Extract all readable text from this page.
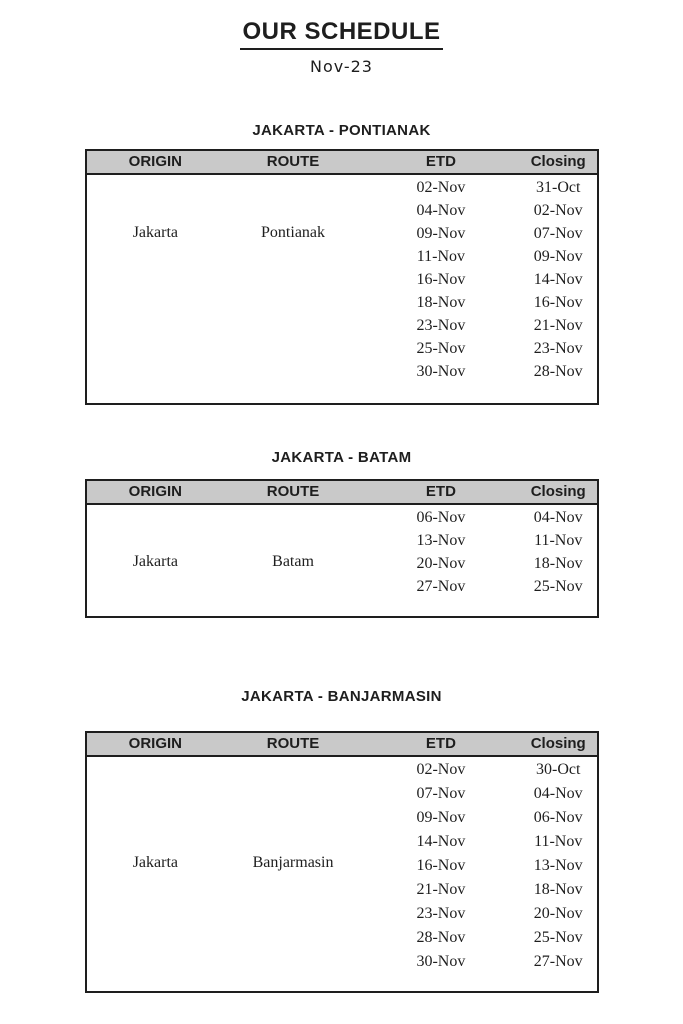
OUR SCHEDULE
Nov-23
JAKARTA - PONTIANAK
ORIGIN	ROUTE	ETD	Closing
Jakarta	Pontianak
02-Nov	31-Oct
04-Nov	02-Nov
09-Nov	07-Nov
11-Nov	09-Nov
16-Nov	14-Nov
18-Nov	16-Nov
23-Nov	21-Nov
25-Nov	23-Nov
30-Nov	28-Nov
JAKARTA - BATAM
ORIGIN	ROUTE	ETD	Closing
Jakarta	Batam
06-Nov	04-Nov
13-Nov	11-Nov
20-Nov	18-Nov
27-Nov	25-Nov
JAKARTA - BANJARMASIN
ORIGIN	ROUTE	ETD	Closing
Jakarta	Banjarmasin
02-Nov	30-Oct
07-Nov	04-Nov
09-Nov	06-Nov
14-Nov	11-Nov
16-Nov	13-Nov
21-Nov	18-Nov
23-Nov	20-Nov
28-Nov	25-Nov
30-Nov	27-Nov
